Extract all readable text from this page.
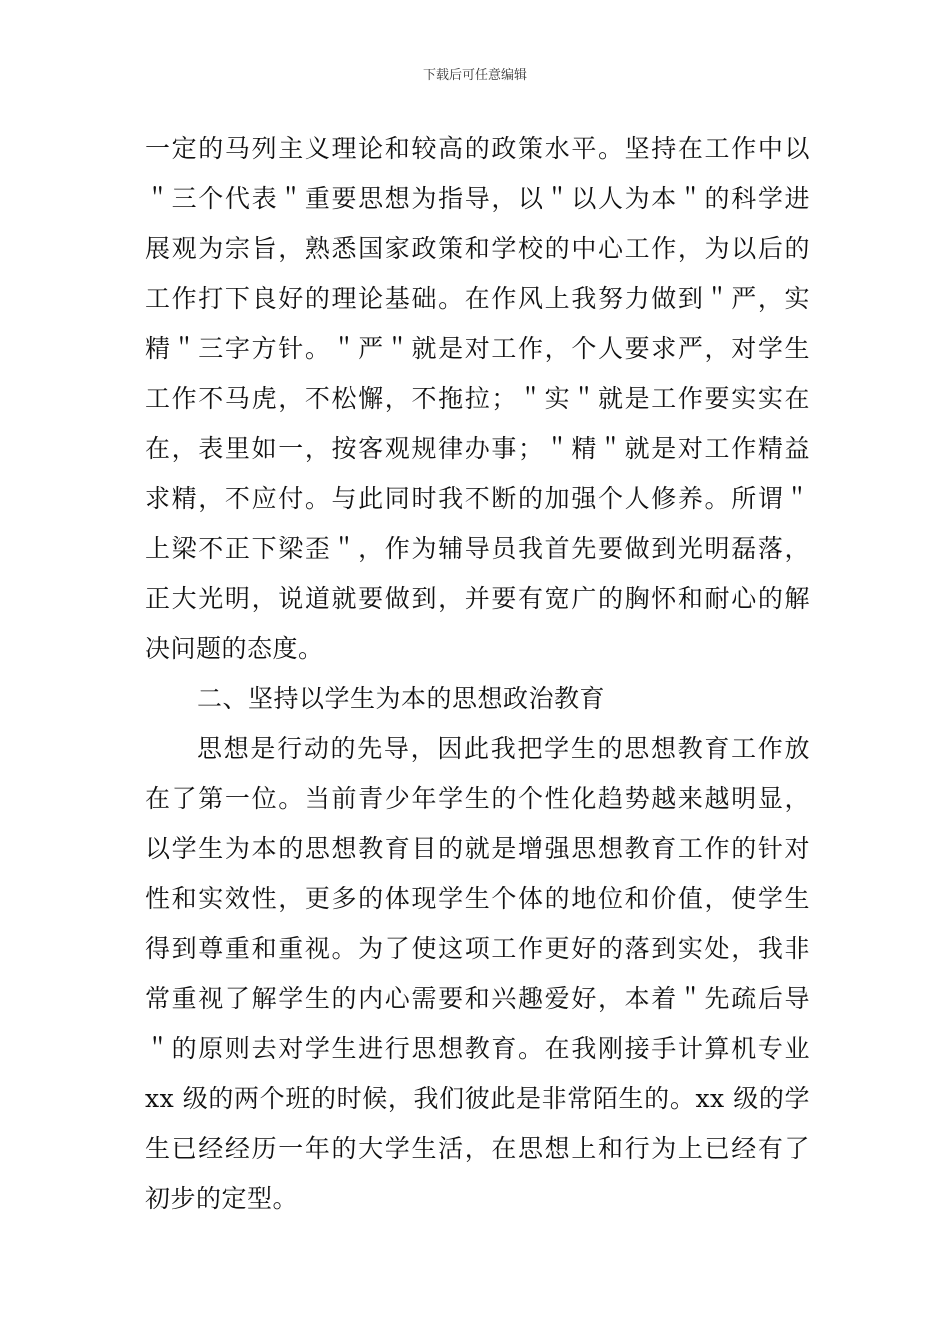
下载后可任意编辑
一定的马列主义理论和较高的政策水平。坚持在工作中以
＂三个代表＂重要思想为指导，以＂以人为本＂的科学进
展观为宗旨，熟悉国家政策和学校的中心工作，为以后的
工作打下良好的理论基础。在作风上我努力做到＂严，实
精＂三字方针。＂严＂就是对工作，个人要求严，对学生
工作不马虎，不松懈，不拖拉；＂实＂就是工作要实实在
在，表里如一，按客观规律办事；＂精＂就是对工作精益
求精，不应付。与此同时我不断的加强个人修养。所谓＂
上梁不正下梁歪＂，作为辅导员我首先要做到光明磊落，
正大光明，说道就要做到，并要有宽广的胸怀和耐心的解
决问题的态度。
二、坚持以学生为本的思想政治教育
思想是行动的先导，因此我把学生的思想教育工作放
在了第一位。当前青少年学生的个性化趋势越来越明显，
以学生为本的思想教育目的就是增强思想教育工作的针对
性和实效性，更多的体现学生个体的地位和价值，使学生
得到尊重和重视。为了使这项工作更好的落到实处，我非
常重视了解学生的内心需要和兴趣爱好，本着＂先疏后导
＂的原则去对学生进行思想教育。在我刚接手计算机专业
xx 级的两个班的时候，我们彼此是非常陌生的。xx 级的学
生已经经历一年的大学生活，在思想上和行为上已经有了
初步的定型。
